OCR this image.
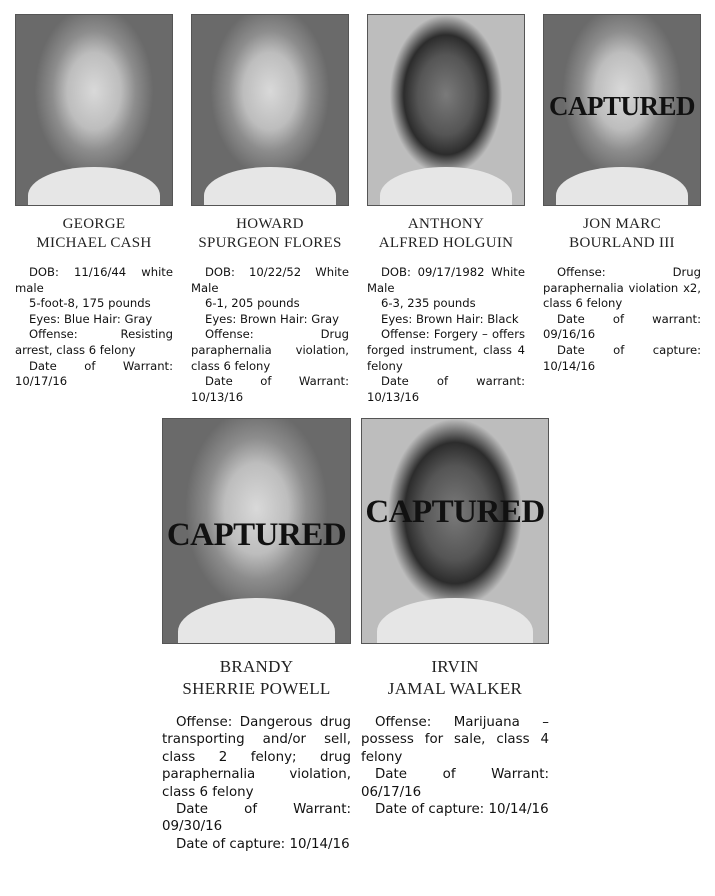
GEORGE
MICHAEL CASH

DOB: 11/16/44 white male

5-foot-8, 175 pounds

Eyes: Blue Hair: Gray

Offense: Resisting arrest, class 6 felony

Date of Warrant: 10/17/16

HOWARD
SPURGEON FLORES

DOB: 10/22/52 White Male

6-1, 205 pounds

Eyes: Brown Hair: Gray

Offense: Drug paraphernalia violation, class 6 felony

Date of Warrant: 10/13/16

ANTHONY
ALFRED HOLGUIN

DOB: 09/17/1982 White Male

6-3, 235 pounds

Eyes: Brown Hair: Black

Offense: Forgery – offers forged instrument, class 4 felony

Date of warrant: 10/13/16

CAPTURED
JON MARC
BOURLAND III

Offense: Drug paraphernalia violation x2, class 6 felony

Date of warrant: 09/16/16

Date of capture: 10/14/16

CAPTURED
BRANDY
SHERRIE POWELL

Offense: Dangerous drug transporting and/or sell, class 2 felony; drug paraphernalia violation, class 6 felony

Date of Warrant: 09/30/16

Date of capture: 10/14/16

CAPTURED
IRVIN
JAMAL WALKER

Offense: Marijuana – possess for sale, class 4 felony

Date of Warrant: 06/17/16

Date of capture: 10/14/16
